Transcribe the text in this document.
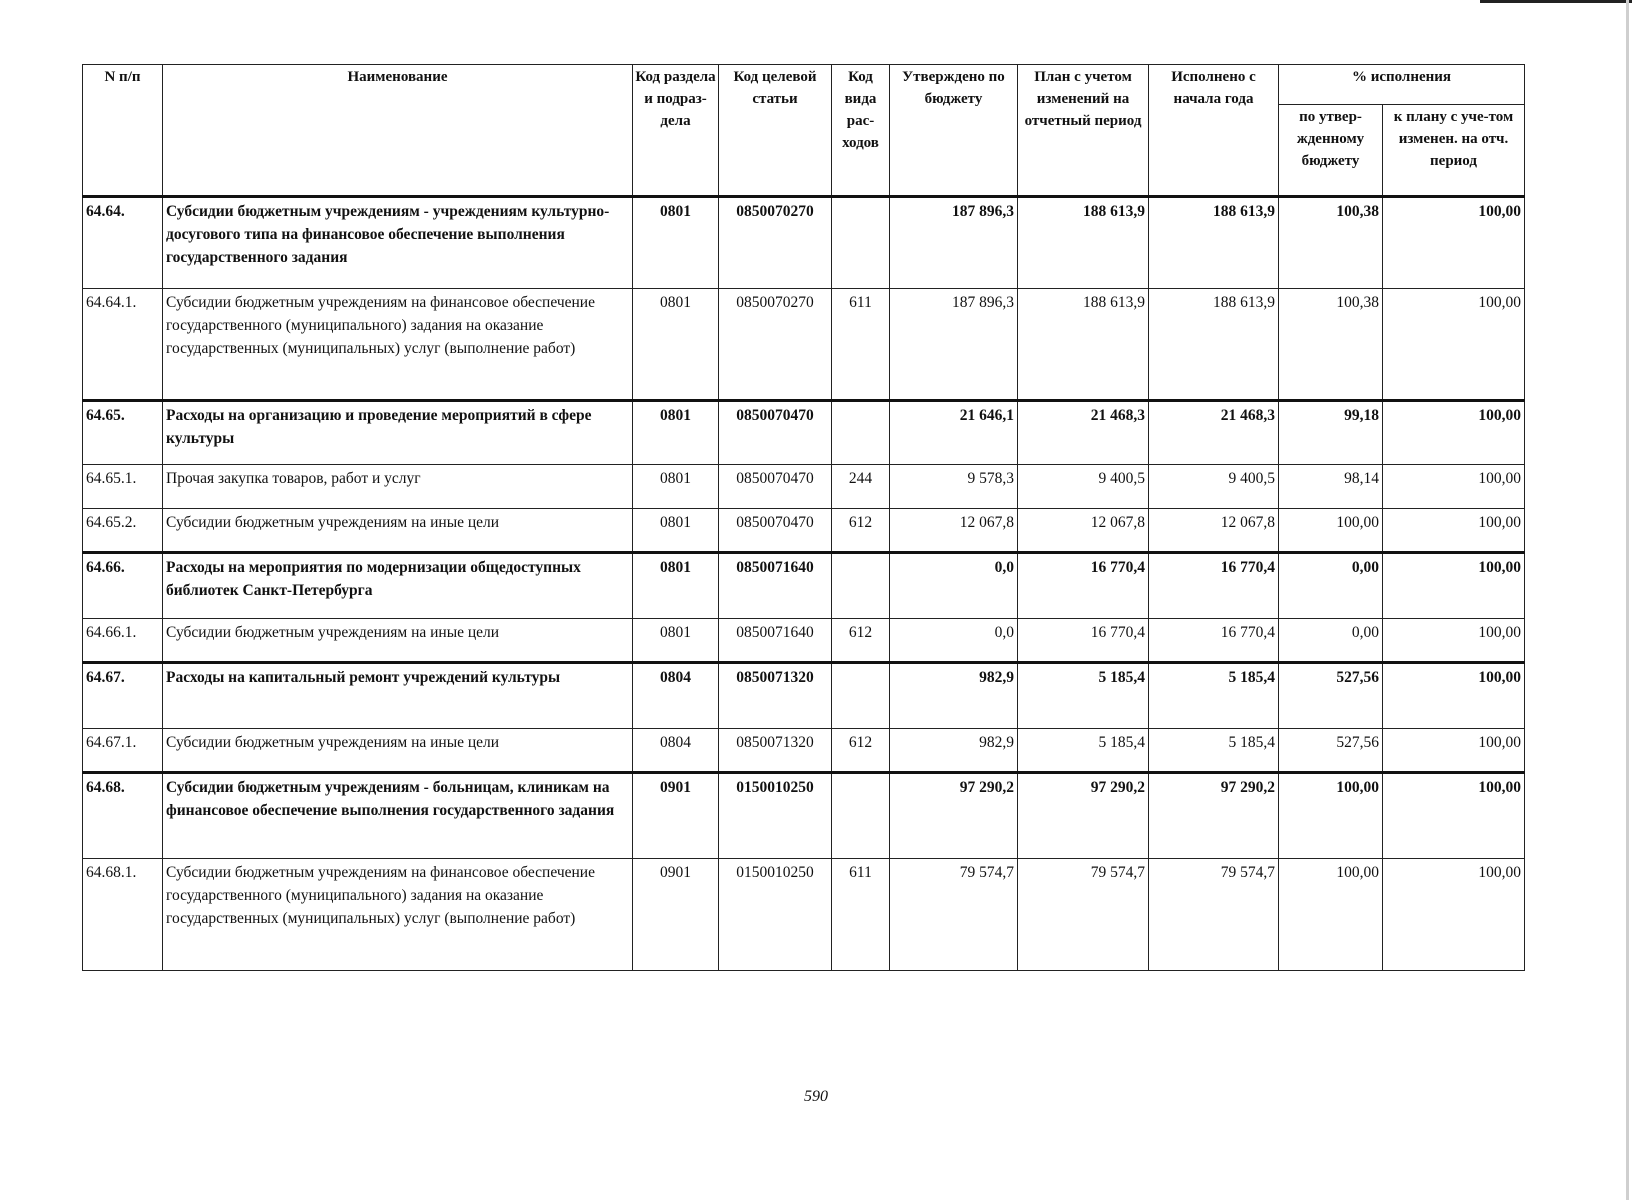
N п/п	Наименование	Код раздела и подраз-дела	Код целевой статьи	Код вида рас-ходов	Утверждено по бюджету	План с учетом изменений на отчетный период	Исполнено с начала года	% исполнения	
								по утвер-жденному бюджету	к плану с уче-том изменен. на отч. период
64.64.	Субсидии бюджетным учреждениям - учреждениям культурно-досугового типа на финансовое обеспечение выполнения государственного задания	0801	0850070270		187 896,3	188 613,9	188 613,9	100,38	100,00
64.64.1.	Субсидии бюджетным учреждениям на финансовое обеспечение государственного (муниципального) задания на оказание государственных (муниципальных) услуг (выполнение работ)	0801	0850070270	611	187 896,3	188 613,9	188 613,9	100,38	100,00
64.65.	Расходы на организацию и проведение мероприятий в сфере культуры	0801	0850070470		21 646,1	21 468,3	21 468,3	99,18	100,00
64.65.1.	Прочая закупка товаров, работ и услуг	0801	0850070470	244	9 578,3	9 400,5	9 400,5	98,14	100,00
64.65.2.	Субсидии бюджетным учреждениям на иные цели	0801	0850070470	612	12 067,8	12 067,8	12 067,8	100,00	100,00
64.66.	Расходы на мероприятия по модернизации общедоступных библиотек Санкт-Петербурга	0801	0850071640		0,0	16 770,4	16 770,4	0,00	100,00
64.66.1.	Субсидии бюджетным учреждениям на иные цели	0801	0850071640	612	0,0	16 770,4	16 770,4	0,00	100,00
64.67.	Расходы на капитальный ремонт учреждений культуры	0804	0850071320		982,9	5 185,4	5 185,4	527,56	100,00
64.67.1.	Субсидии бюджетным учреждениям на иные цели	0804	0850071320	612	982,9	5 185,4	5 185,4	527,56	100,00
64.68.	Субсидии бюджетным учреждениям - больницам, клиникам на финансовое обеспечение выполнения государственного задания	0901	0150010250		97 290,2	97 290,2	97 290,2	100,00	100,00
64.68.1.	Субсидии бюджетным учреждениям на финансовое обеспечение государственного (муниципального) задания на оказание государственных (муниципальных) услуг (выполнение работ)	0901	0150010250	611	79 574,7	79 574,7	79 574,7	100,00	100,00
590
